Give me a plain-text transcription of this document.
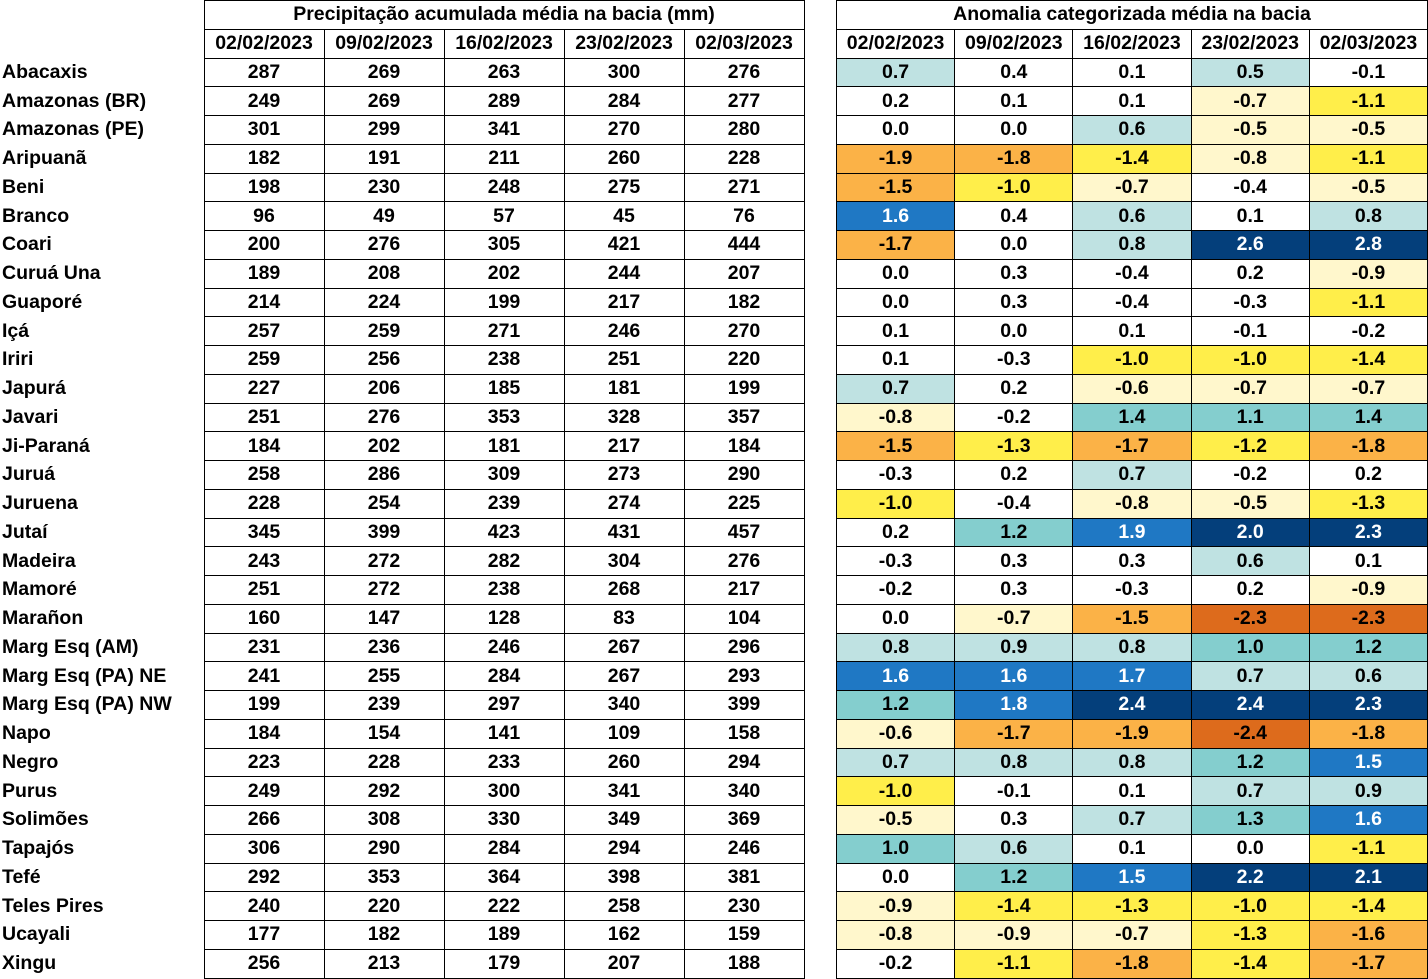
	Precipitação acumulada média na bacia (mm)				
	02/02/2023	09/02/2023	16/02/2023	23/02/2023	02/03/2023
Abacaxis	287	269	263	300	276
Amazonas (BR)	249	269	289	284	277
Amazonas (PE)	301	299	341	270	280
Aripuanã	182	191	211	260	228
Beni	198	230	248	275	271
Branco	96	49	57	45	76
Coari	200	276	305	421	444
Curuá Una	189	208	202	244	207
Guaporé	214	224	199	217	182
Içá	257	259	271	246	270
Iriri	259	256	238	251	220
Japurá	227	206	185	181	199
Javari	251	276	353	328	357
Ji-Paraná	184	202	181	217	184
Juruá	258	286	309	273	290
Juruena	228	254	239	274	225
Jutaí	345	399	423	431	457
Madeira	243	272	282	304	276
Mamoré	251	272	238	268	217
Marañon	160	147	128	83	104
Marg Esq (AM)	231	236	246	267	296
Marg Esq (PA) NE	241	255	284	267	293
Marg Esq (PA) NW	199	239	297	340	399
Napo	184	154	141	109	158
Negro	223	228	233	260	294
Purus	249	292	300	341	340
Solimões	266	308	330	349	369
Tapajós	306	290	284	294	246
Tefé	292	353	364	398	381
Teles Pires	240	220	222	258	230
Ucayali	177	182	189	162	159
Xingu	256	213	179	207	188
Anomalia categorizada média na bacia				
02/02/2023	09/02/2023	16/02/2023	23/02/2023	02/03/2023
0.7	0.4	0.1	0.5	-0.1
0.2	0.1	0.1	-0.7	-1.1
0.0	0.0	0.6	-0.5	-0.5
-1.9	-1.8	-1.4	-0.8	-1.1
-1.5	-1.0	-0.7	-0.4	-0.5
1.6	0.4	0.6	0.1	0.8
-1.7	0.0	0.8	2.6	2.8
0.0	0.3	-0.4	0.2	-0.9
0.0	0.3	-0.4	-0.3	-1.1
0.1	0.0	0.1	-0.1	-0.2
0.1	-0.3	-1.0	-1.0	-1.4
0.7	0.2	-0.6	-0.7	-0.7
-0.8	-0.2	1.4	1.1	1.4
-1.5	-1.3	-1.7	-1.2	-1.8
-0.3	0.2	0.7	-0.2	0.2
-1.0	-0.4	-0.8	-0.5	-1.3
0.2	1.2	1.9	2.0	2.3
-0.3	0.3	0.3	0.6	0.1
-0.2	0.3	-0.3	0.2	-0.9
0.0	-0.7	-1.5	-2.3	-2.3
0.8	0.9	0.8	1.0	1.2
1.6	1.6	1.7	0.7	0.6
1.2	1.8	2.4	2.4	2.3
-0.6	-1.7	-1.9	-2.4	-1.8
0.7	0.8	0.8	1.2	1.5
-1.0	-0.1	0.1	0.7	0.9
-0.5	0.3	0.7	1.3	1.6
1.0	0.6	0.1	0.0	-1.1
0.0	1.2	1.5	2.2	2.1
-0.9	-1.4	-1.3	-1.0	-1.4
-0.8	-0.9	-0.7	-1.3	-1.6
-0.2	-1.1	-1.8	-1.4	-1.7
